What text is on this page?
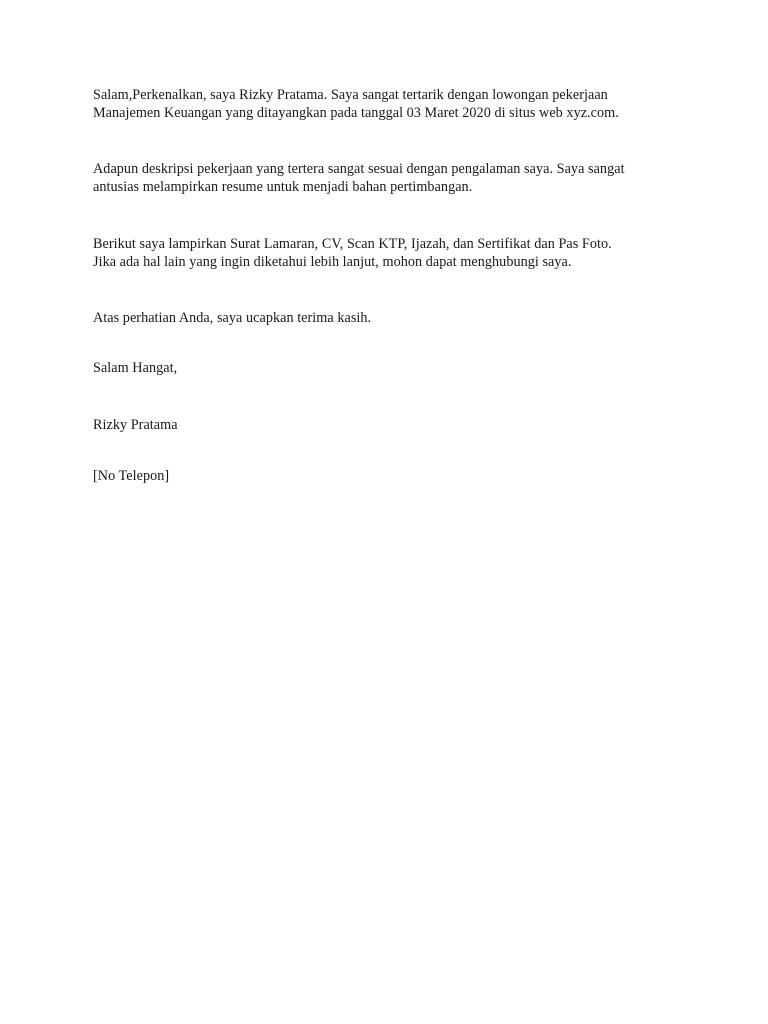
Salam,Perkenalkan, saya Rizky Pratama. Saya sangat tertarik dengan lowongan pekerjaan
Manajemen Keuangan yang ditayangkan pada tanggal 03 Maret 2020 di situs web xyz.com.
Adapun deskripsi pekerjaan yang tertera sangat sesuai dengan pengalaman saya. Saya sangat
antusias melampirkan resume untuk menjadi bahan pertimbangan.
Berikut saya lampirkan Surat Lamaran, CV, Scan KTP, Ijazah, dan Sertifikat dan Pas Foto.
Jika ada hal lain yang ingin diketahui lebih lanjut, mohon dapat menghubungi saya.
Atas perhatian Anda, saya ucapkan terima kasih.
Salam Hangat,
Rizky Pratama
[No Telepon]
